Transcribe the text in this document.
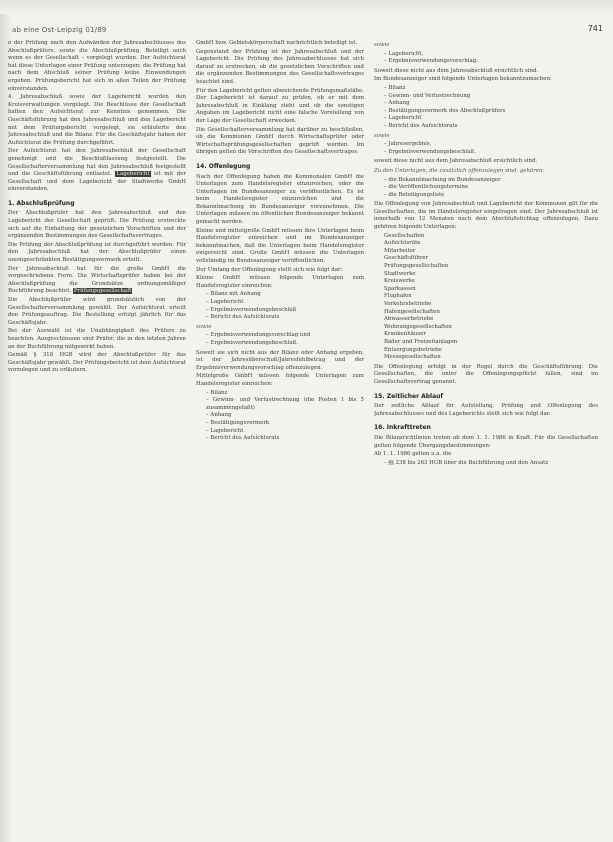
ab eine Ost-Leipzig 01/89	741

o der Prüfung nach den Aufwänden der Jahresabschlusses des Abschlußprüfers, sowie die Abschlußprüfung. Beteiligt auch wenn es der Gesellschaft – vorgelegt wurden. Der Aufsichtsrat hat diese Unterlagen einer Prüfung unterzogen; die Prüfung hat nach dem Abschluß seiner Prüfung keine Einwendungen ergeben. Prüfungsbericht hat sich in allen Teilen der Prüfung einverstanden.

4. Jahresabschluß sowie der Lagebericht wurden den Kreisverwaltungen vorgelegt. Die Beschlüsse der Gesellschaft hatten den Aufsichtsrat zur Kenntnis genommen. Die Geschäftsführung hat den Jahresabschluß und den Lagebericht mit dem Prüfungsbericht vorgelegt, sie erläuterte den Jahresabschluß und die Bilanz. Für die Geschäftsjahr haben der Aufsichtsrat die Prüfung durchgeführt.

Der Aufsichtsrat hat den Jahresabschluß der Gesellschaft genehmigt und die Beschlußfassung festgestellt. Die Gesellschafterversammlung hat den Jahresabschluß festgestellt und die Geschäftsführung entlastet. Lagebericht ist mit der Gesellschaft und dem Lagebericht der Stadtwerke GmbH einverstanden.

1. Abschlußprüfung

Der Abschlußprüfer hat den Jahresabschluß und den Lagebericht der Gesellschaft geprüft. Die Prüfung erstreckte sich auf die Einhaltung der gesetzlichen Vorschriften und der ergänzenden Bestimmungen des Gesellschaftsvertrages.

Die Prüfung der Abschlußprüfung ist durchgeführt worden. Für den Jahresabschluß hat der Abschlußprüfer einen uneingeschränkten Bestätigungsvermerk erteilt.

Der Jahresabschluß hat für die große GmbH die vorgeschriebene Form. Die Wirtschaftsprüfer haben bei der Abschlußprüfung die Grundsätze ordnungsmäßiger Buchführung beachtet. Prüfungsgesellschaft

Die Abschlußprüfer wird grundsätzlich von der Gesellschafterversammlung gewählt. Der Aufsichtsrat erteilt den Prüfungsauftrag. Die Bestellung erfolgt jährlich für das Geschäftsjahr.

Bei der Auswahl ist die Unabhängigkeit des Prüfers zu beachten. Ausgeschlossen sind Prüfer, die in den letzten Jahren an der Buchführung mitgewirkt haben.

Gemäß § 318 HGB wird der Abschlußprüfer für das Geschäftsjahr gewählt. Der Prüfungsbericht ist dem Aufsichtsrat vorzulegen und zu erläutern.

GmbH bzw. Gebietskörperschaft nachrichtlich beteiligt ist.

Gegenstand der Prüfung ist der Jahresabschluß und der Lagebericht. Die Prüfung des Jahresabschlusses hat sich darauf zu erstrecken, ob die gesetzlichen Vorschriften und die ergänzenden Bestimmungen des Gesellschaftsvertrages beachtet sind.

Für den Lagebericht gelten abweichende Prüfungsmaßstäbe. Der Lagebericht ist darauf zu prüfen, ob er mit dem Jahresabschluß in Einklang steht und ob die sonstigen Angaben im Lagebericht nicht eine falsche Vorstellung von der Lage der Gesellschaft erwecken.

Die Gesellschafterversammlung hat darüber zu beschließen, ob die Kommunen GmbH durch Wirtschaftsprüfer oder Wirtschaftsprüfungsgesellschaften geprüft werden. Im übrigen gelten die Vorschriften des Gesellschaftsvertrages.

14. Offenlegung

Nach der Offenlegung haben die Kommunalen GmbH die Unterlagen zum Handelsregister einzureichen, oder die Unterlagen im Bundesanzeiger zu veröffentlichen. Es ist beim Handelsregister einzureichen und die Bekanntmachung im Bundesanzeiger vorzunehmen. Die Unterlagen müssen im öffentlichen Bundesanzeiger bekannt gemacht werden.

Kleine und mittelgroße GmbH müssen ihre Unterlagen beim Handelsregister einreichen und im Bundesanzeiger bekanntmachen, daß die Unterlagen beim Handelsregister eingereicht sind. Große GmbH müssen die Unterlagen vollständig im Bundesanzeiger veröffentlichen.

Der Umfang der Offenlegung stellt sich wie folgt dar:

Kleine GmbH müssen folgende Unterlagen zum Handelsregister einreichen:

– Bilanz mit Anhang
– Lagebericht
– Ergebnisverwendungsbeschluß
– Bericht des Aufsichtsrats
sowie
– Ergebnisverwendungsvorschlag und
– Ergebnisverwendungsbeschluß.

Soweit sie sich nicht aus der Bilanz oder Anhang ergeben, ist der Jahresüberschuß/Jahresfehlbetrag und der Ergebnisverwendungsvorschlag offenzulegen.

Mittelgroße GmbH müssen folgende Unterlagen zum Handelsregister einreichen:

– Bilanz
– Gewinn- und Verlustrechnung (die Posten 1 bis 5 zusammengefaßt)
– Anhang
– Bestätigungsvermerk
– Lagebericht
– Bericht des Aufsichtsrats
sowie
– Lagebericht,
– Ergebnisverwendungsvorschlag.

Soweit diese nicht aus dem Jahresabschluß ersichtlich sind.

Im Bundesanzeiger sind folgende Unterlagen bekanntzumachen:

– Bilanz
– Gewinn- und Verlustrechnung
– Anhang
– Bestätigungsvermerk des Abschlußprüfers
– Lagebericht
– Bericht des Aufsichtsrats
sowie
– Jahresergebnis,
– Ergebnisverwendungsbeschluß.

soweit diese nicht aus dem Jahresabschluß ersichtlich sind.

Zu den Unterlagen, die zusätzlich offenzulegen sind, gehören:
– die Bekanntmachung im Bundesanzeiger
– die Veröffentlichungstermine
– die Beteiligungsliste

Die Offenlegung von Jahresabschluß und Lagebericht der Kommunen gilt für die Gesellschaften, die im Handelsregister eingetragen sind. Der Jahresabschluß ist innerhalb von 12 Monaten nach dem Abschlußstichtag offenzulegen. Dazu gehören folgende Unterlagen:

Gesellschaften
Aufsichtsräte
Mitarbeiter
Geschäftsführer
Prüfungsgesellschaften
Stadtwerke
Kreiswerke
Sparkassen
Flughafen
Verkehrsbetriebe
Hafengesellschaften
Abwasserbetriebe
Wohnungsgesellschaften
Krankenhäuser
Bäder und Freizeitanlagen
Entsorgungsbetriebe
Messegesellschaften

Die Offenlegung erfolgt in der Regel durch die Geschäftsführung. Die Gesellschaften, die unter die Offenlegungspflicht fallen, sind im Gesellschaftsvertrag genannt.

15. Zeitlicher Ablauf

Der zeitliche Ablauf für Aufstellung, Prüfung und Offenlegung des Jahresabschlusses und des Lageberichts stellt sich wie folgt dar.

16. Inkrafttreten

Die Bilanzrichtlinien treten ab dem 1. 1. 1986 in Kraft. Für die Gesellschaften gelten folgende Übergangsbestimmungen:

Ab 1. 1. 1986 gelten u.a. die

– §§ 238 bis 263 HGB über die Buchführung und den Ansatz
